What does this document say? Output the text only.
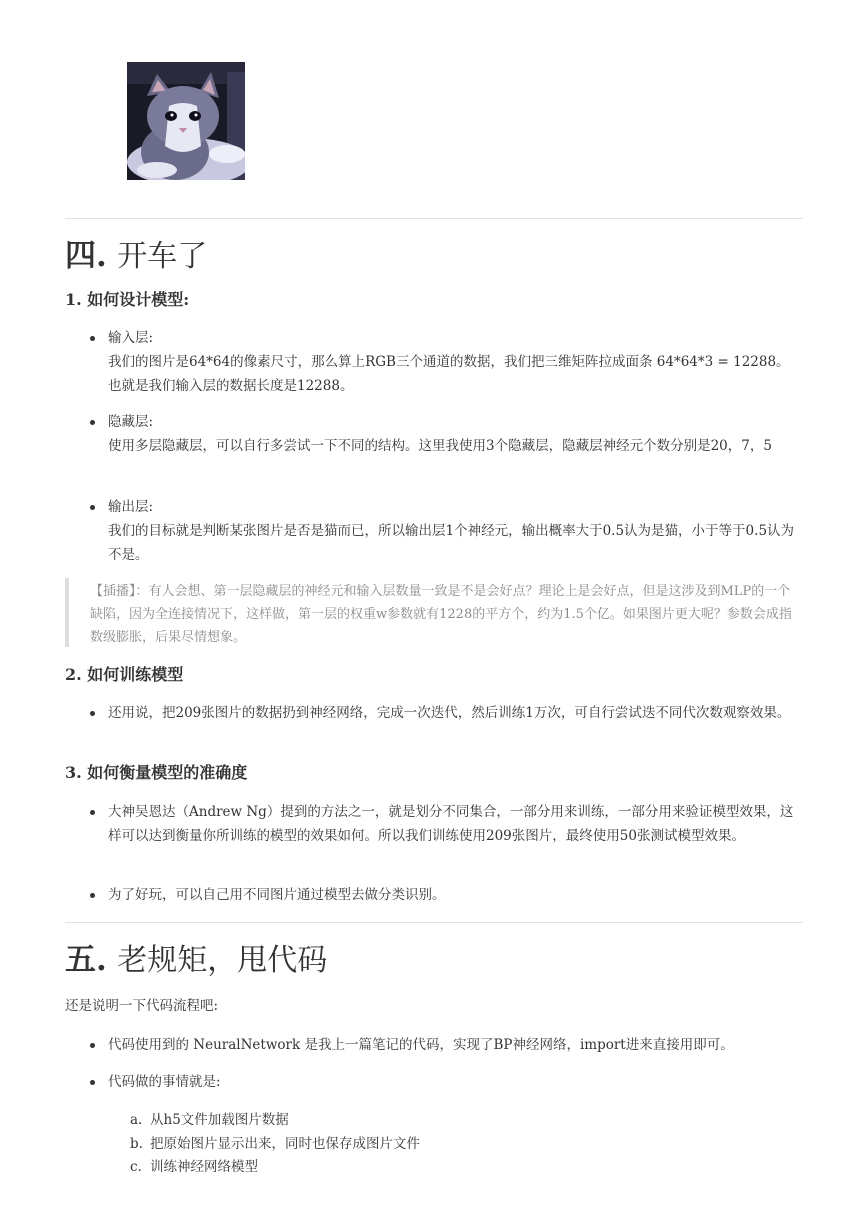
四. 开车了
1. 如何设计模型:
输入层:
我们的图片是64*64的像素尺寸，那么算上RGB三个通道的数据，我们把三维矩阵拉成面条 64*64*3 = 12288。 也就是我们输入层的数据长度是12288。
隐藏层:
使用多层隐藏层，可以自行多尝试一下不同的结构。这里我使用3个隐藏层，隐藏层神经元个数分别是20，7，5
输出层:
我们的目标就是判断某张图片是否是猫而已，所以输出层1个神经元，输出概率大于0.5认为是猫，小于等于0.5认为不是。
【插播】：有人会想、第一层隐藏层的神经元和输入层数量一致是不是会好点？理论上是会好点，但是这涉及到MLP的一个缺陷，因为全连接情况下，这样做，第一层的权重w参数就有1228的平方个，约为1.5个亿。如果图片更大呢？参数会成指数级膨胀，后果尽情想象。
2. 如何训练模型
还用说，把209张图片的数据扔到神经网络，完成一次迭代，然后训练1万次，可自行尝试迭不同代次数观察效果。
3. 如何衡量模型的准确度
大神吴恩达（Andrew Ng）提到的方法之一，就是划分不同集合，一部分用来训练，一部分用来验证模型效果，这样可以达到衡量你所训练的模型的效果如何。所以我们训练使用209张图片，最终使用50张测试模型效果。
为了好玩，可以自己用不同图片通过模型去做分类识别。
五. 老规矩，甩代码

还是说明一下代码流程吧:

代码使用到的 NeuralNetwork 是我上一篇笔记的代码，实现了BP神经网络，import进来直接用即可。
代码做的事情就是:
a. 从h5文件加载图片数据
b. 把原始图片显示出来，同时也保存成图片文件
c. 训练神经网络模型
